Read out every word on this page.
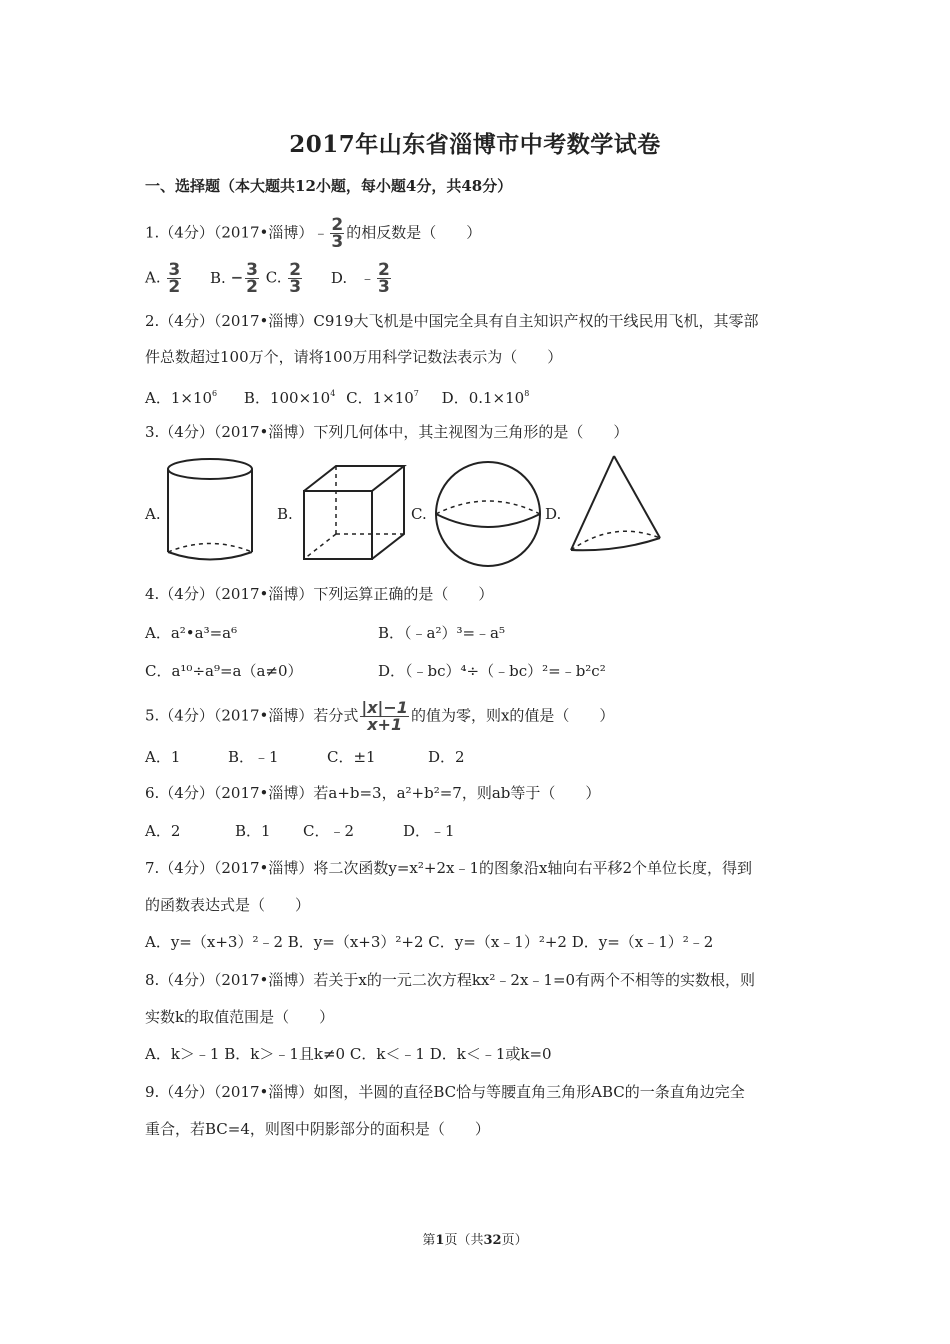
2017年山东省淄博市中考数学试卷
一、选择题（本大题共12小题，每小题4分，共48分）
1.（4分）（2017•淄博）﹣ $\frac{2}{3}$ 的相反数是（　　）
A. $\frac{3}{2} B$. − $\frac{3}{2} C$. $\frac{2}{3} D$. ﹣ $\frac{2}{3}$
2.（4分）（2017•淄博）C919大飞机是中国完全具有自主知识产权的干线民用飞机，其零部
件总数超过100万个，请将100万用科学记数法表示为（　　）
A．$1\times 10^6$ B．$100\times 10^4$ C．$1\times 10^7$ D．$0.1\times 10^8$
3.（4分）（2017•淄博）下列几何体中，其主视图为三角形的是（　　）
A.	B.	C.	D.
4.（4分）（2017•淄博）下列运算正确的是（　　）
A．a²•a³=a⁶	B．（﹣a²）³=﹣a⁵
C．a¹⁰÷a⁹=a（a≠0）	D．（﹣bc）⁴÷（﹣bc）²=﹣b²c²
5.（4分）（2017•淄博）若分式 $\frac{|x|-1}{x+1}$ 的值为零，则x的值是（　　）
A．1	B．﹣1	C．±1	D．2
6.（4分）（2017•淄博）若a+b=3，a²+b²=7，则ab等于（　　）
A．2	B．1 C．﹣2	D．﹣1
7.（4分）（2017•淄博）将二次函数y=x²+2x﹣1的图象沿x轴向右平移2个单位长度，得到
的函数表达式是（　　）
A．y=（x+3）²﹣2 B．y=（x+3）²+2 C．y=（x﹣1）²+2 D．y=（x﹣1）²﹣2
8.（4分）（2017•淄博）若关于x的一元二次方程kx²﹣2x﹣1=0有两个不相等的实数根，则
实数k的取值范围是（　　）
A．k＞﹣1 B．k＞﹣1且k≠0 C．k＜﹣1 D．k＜﹣1或k=0
9.（4分）（2017•淄博）如图，半圆的直径BC恰与等腰直角三角形ABC的一条直角边完全
重合，若BC=4，则图中阴影部分的面积是（　　）
第1页（共32页）
